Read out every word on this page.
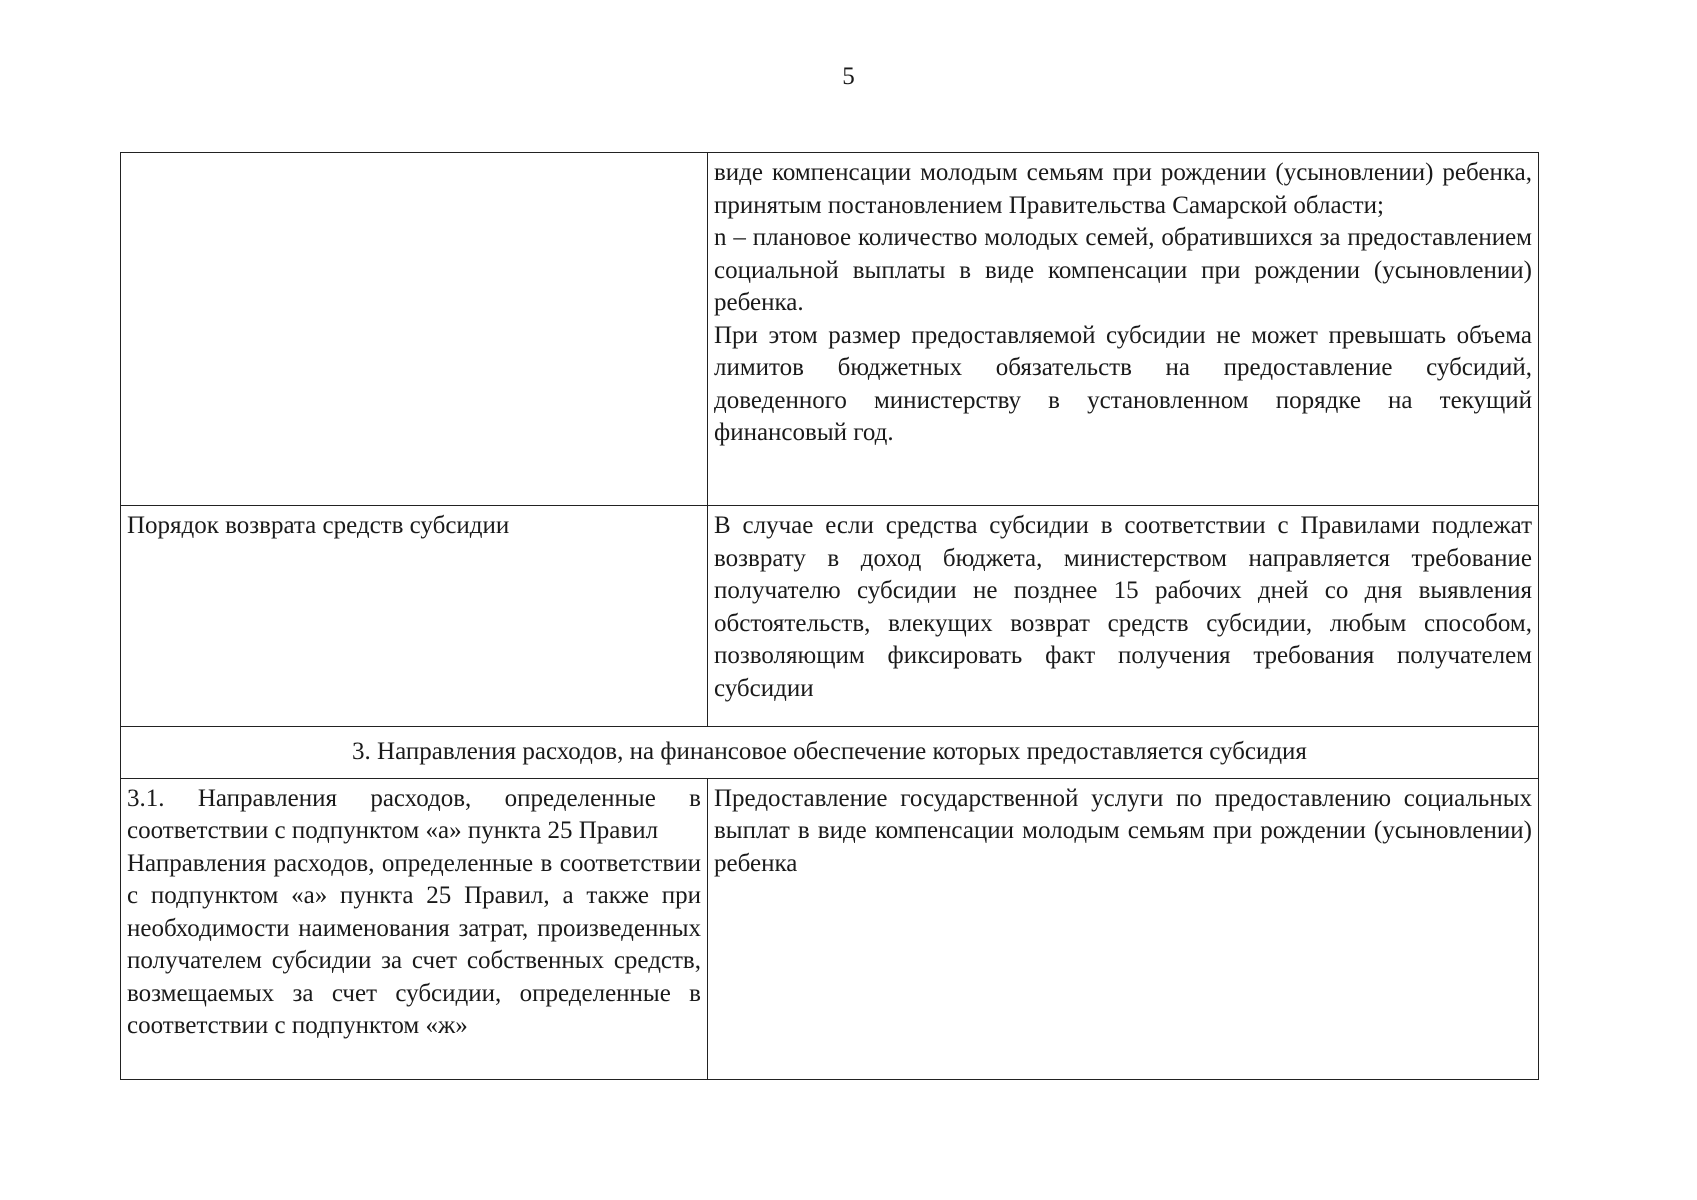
5

	виде компенсации молодым семьям при рождении (усыновлении) ребенка, принятым постановлением Правительства Самарской области;
n – плановое количество молодых семей, обратившихся за предоставлением социальной выплаты в виде компенсации при рождении (усыновлении) ребенка.
При этом размер предоставляемой субсидии не может превышать объема лимитов бюджетных обязательств на предоставление субсидий, доведенного министерству в установленном порядке на текущий финансовый год.

Порядок возврата средств субсидии	В случае если средства субсидии в соответствии с Правилами подлежат возврату в доход бюджета, министерством направляется требование получателю субсидии не позднее 15 рабочих дней со дня выявления обстоятельств, влекущих возврат средств субсидии, любым способом, позволяющим фиксировать факт получения требования получателем субсидии
3. Направления расходов, на финансовое обеспечение которых предоставляется субсидия	

3.1. Направления расходов, определенные в соответствии с подпунктом «а» пункта 25 Правил
Направления расходов, определенные в соответствии с подпунктом «а» пункта 25 Правил, а также при необходимости наименования затрат, произведенных получателем субсидии за счет собственных средств, возмещаемых за счет субсидии, определенные в соответствии с подпунктом «ж»	Предоставление государственной услуги по предоставлению социальных выплат в виде компенсации молодым семьям при рождении (усыновлении) ребенка
